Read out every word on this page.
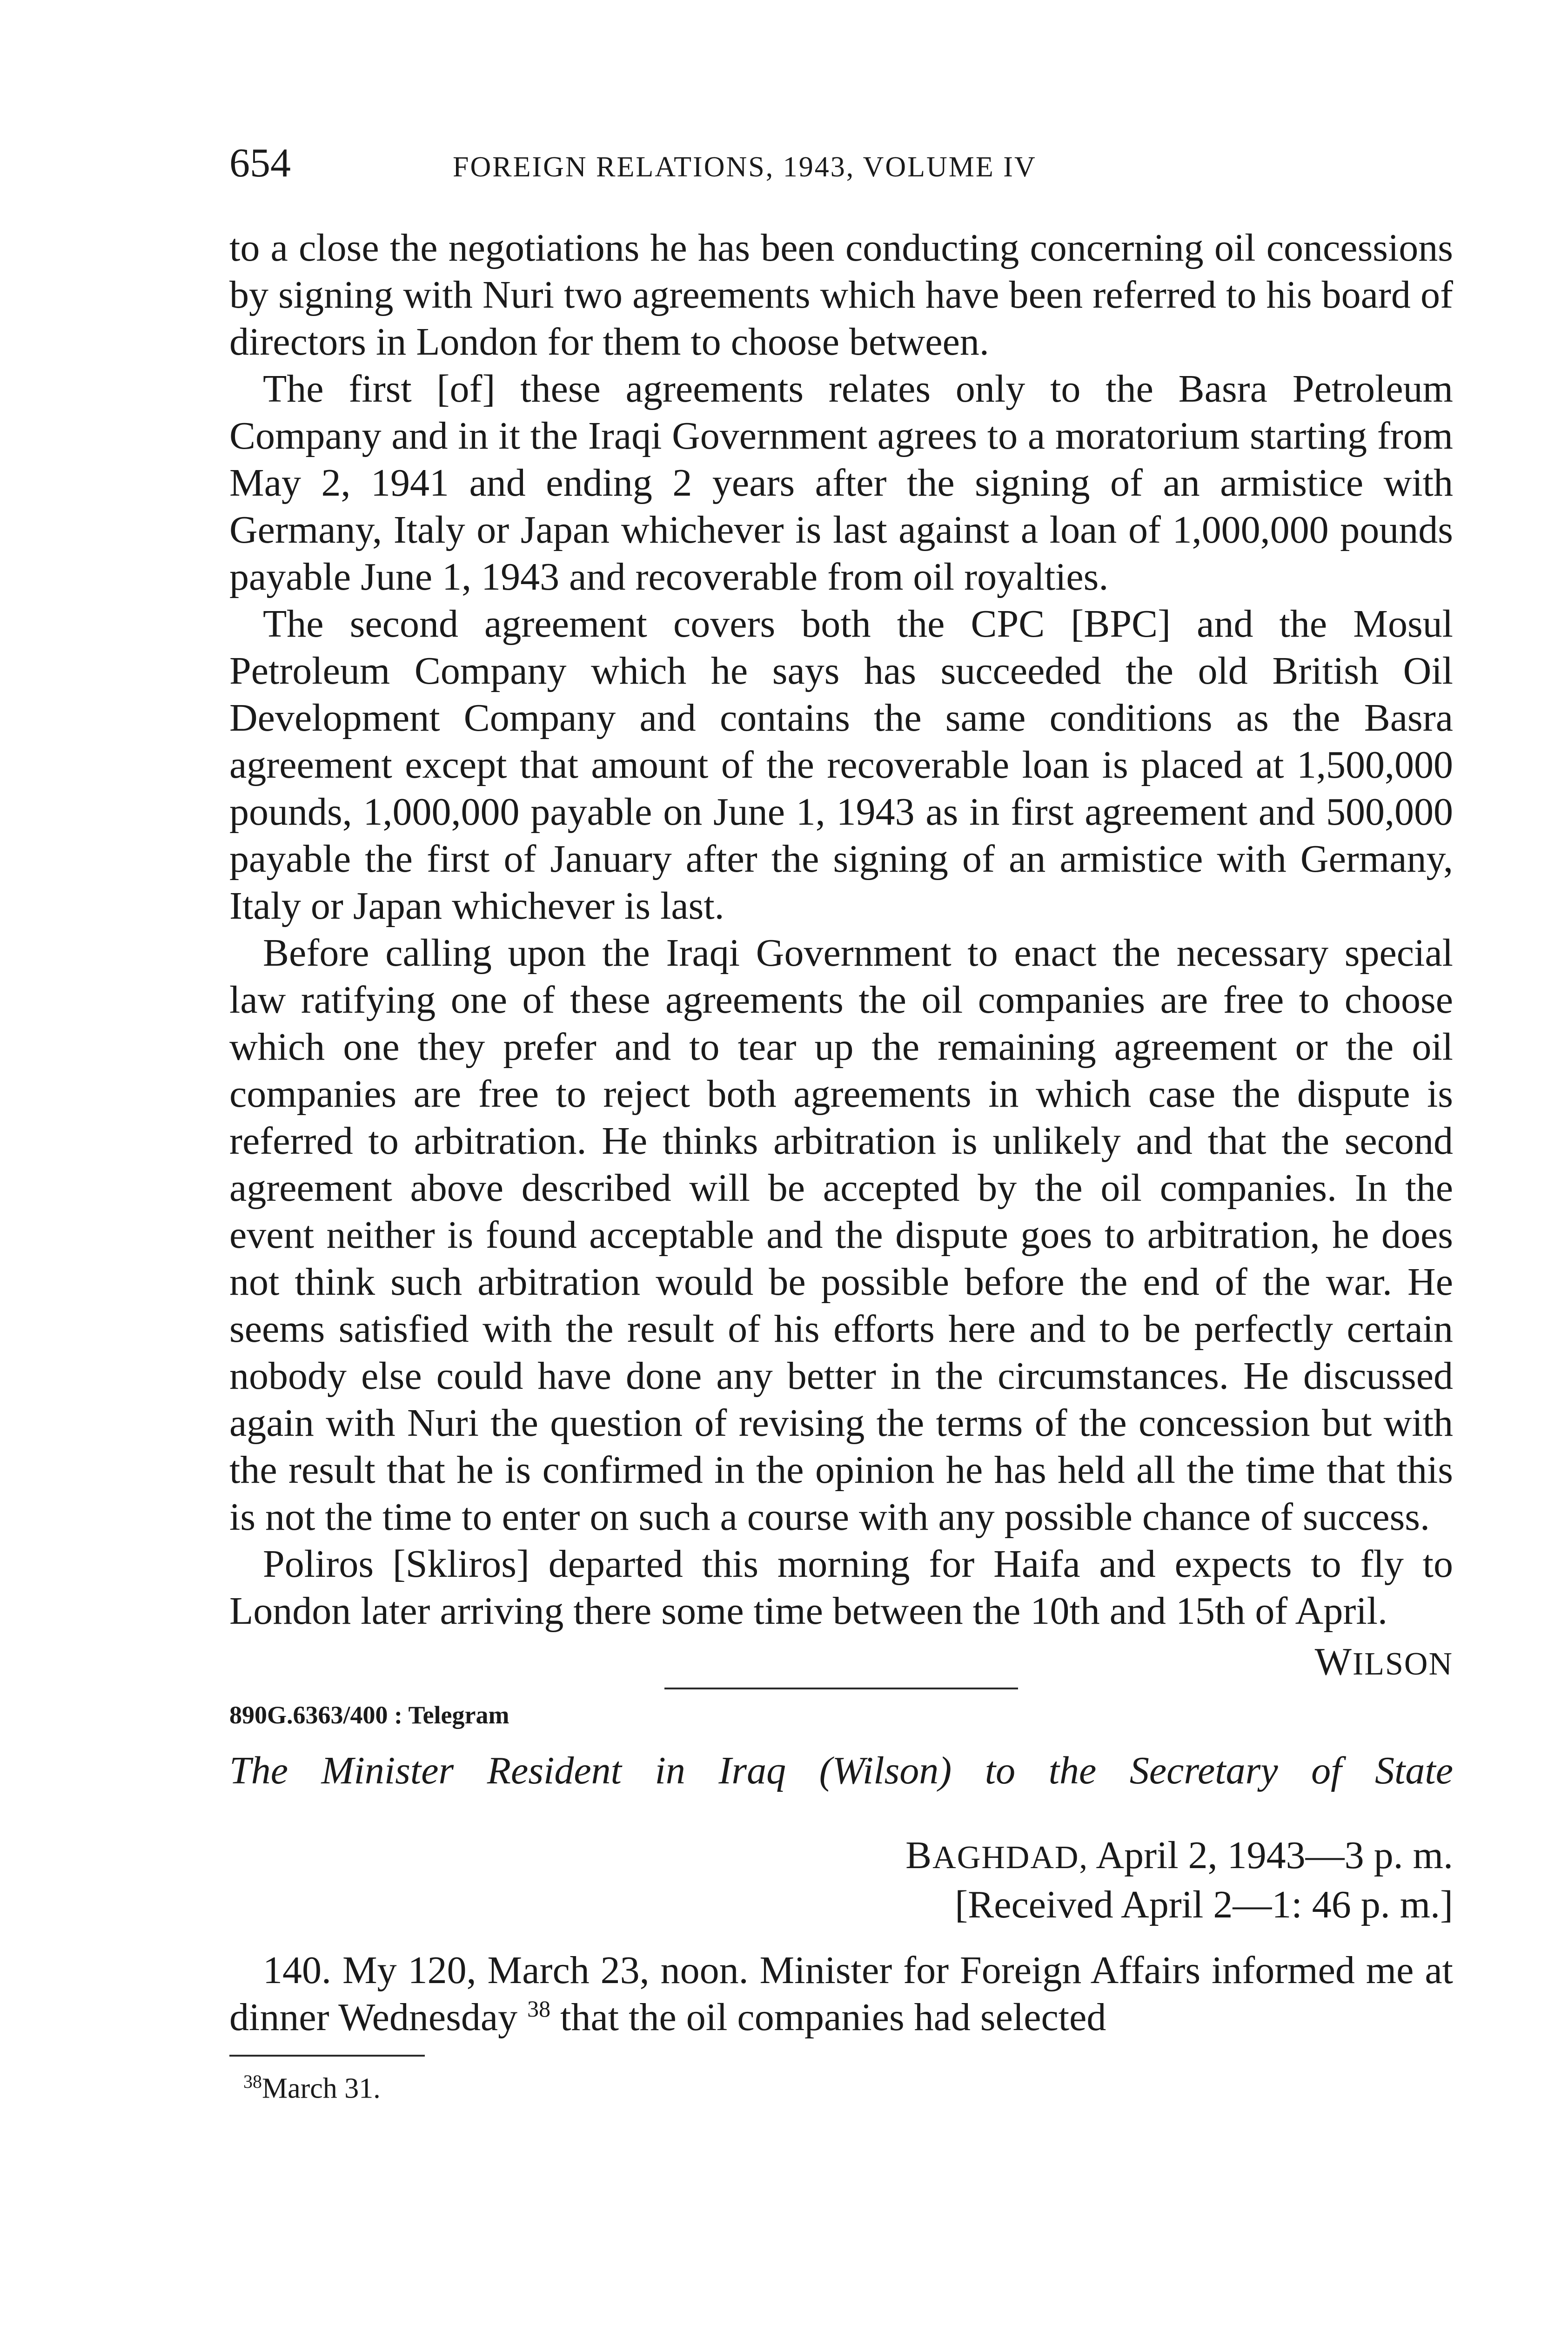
654	FOREIGN RELATIONS, 1943, VOLUME IV

to a close the negotiations he has been conducting concerning oil concessions by signing with Nuri two agreements which have been referred to his board of directors in London for them to choose between.

The first [of] these agreements relates only to the Basra Petroleum Company and in it the Iraqi Government agrees to a moratorium starting from May 2, 1941 and ending 2 years after the signing of an armistice with Germany, Italy or Japan whichever is last against a loan of 1,000,000 pounds payable June 1, 1943 and recoverable from oil royalties.

The second agreement covers both the CPC [BPC] and the Mosul Petroleum Company which he says has succeeded the old British Oil Development Company and contains the same conditions as the Basra agreement except that amount of the recoverable loan is placed at 1,500,000 pounds, 1,000,000 payable on June 1, 1943 as in first agreement and 500,000 payable the first of January after the signing of an armistice with Germany, Italy or Japan whichever is last.

Before calling upon the Iraqi Government to enact the necessary special law ratifying one of these agreements the oil companies are free to choose which one they prefer and to tear up the remaining agreement or the oil companies are free to reject both agreements in which case the dispute is referred to arbitration. He thinks arbitration is unlikely and that the second agreement above described will be accepted by the oil companies. In the event neither is found acceptable and the dispute goes to arbitration, he does not think such arbitration would be possible before the end of the war. He seems satisfied with the result of his efforts here and to be perfectly certain nobody else could have done any better in the circumstances. He discussed again with Nuri the question of revising the terms of the concession but with the result that he is confirmed in the opinion he has held all the time that this is not the time to enter on such a course with any possible chance of success.

Poliros [Skliros] departed this morning for Haifa and expects to fly to London later arriving there some time between the 10th and 15th of April.

WILSON
890G.6363/400 : Telegram
The Minister Resident in Iraq (Wilson) to the Secretary of State
BAGHDAD, April 2, 1943—3 p. m.
[Received April 2—1: 46 p. m.]

140. My 120, March 23, noon. Minister for Foreign Affairs informed me at dinner Wednesday $^{38}$ that the oil companies had selected

$^{38}$March 31.
